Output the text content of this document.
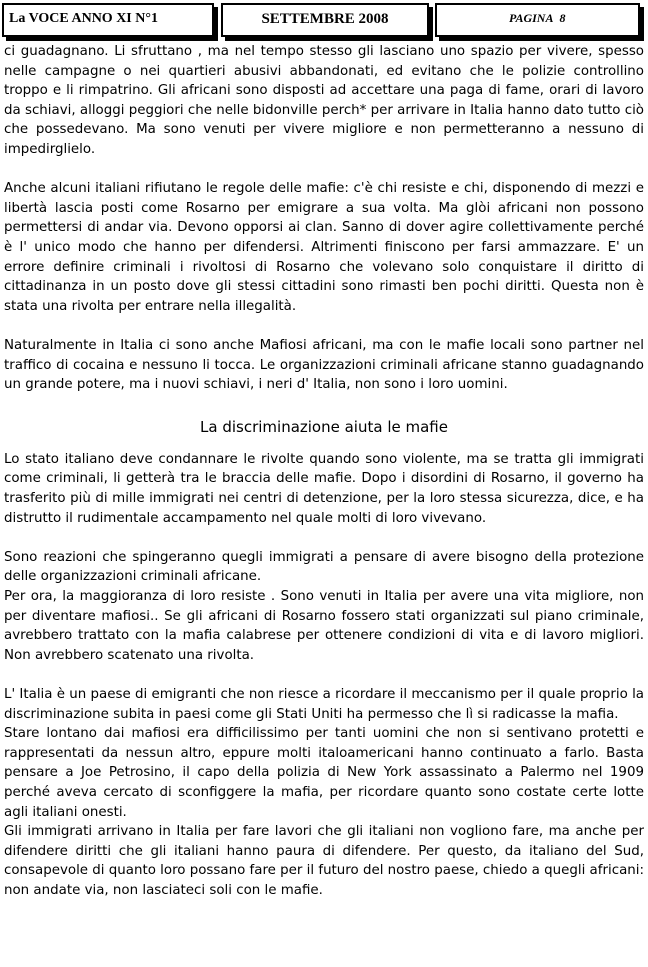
La VOCE ANNO XI N°1	SETTEMBRE 2008	PAGINA 8

ci guadagnano. Li sfruttano , ma nel tempo stesso gli lasciano uno spazio per vivere, spesso nelle campagne o nei quartieri abusivi abbandonati, ed evitano che le polizie controllino troppo e li rimpatrino. Gli africani sono disposti ad accettare una paga di fame, orari di lavoro da schiavi, alloggi peggiori che nelle bidonville perch* per arrivare in Italia hanno dato tutto ciò che possedevano. Ma sono venuti per vivere migliore e non permetteranno a nessuno di impedirglielo.

Anche alcuni italiani rifiutano le regole delle mafie: c'è chi resiste e chi, disponendo di mezzi e libertà lascia posti come Rosarno per emigrare a sua volta. Ma glòi africani non possono permettersi di andar via. Devono opporsi ai clan. Sanno di dover agire collettivamente perché è l' unico modo che hanno per difendersi. Altrimenti finiscono per farsi ammazzare. E' un errore definire criminali i rivoltosi di Rosarno che volevano solo conquistare il diritto di cittadinanza in un posto dove gli stessi cittadini sono rimasti ben pochi diritti. Questa non è stata una rivolta per entrare nella illegalità.

Naturalmente in Italia ci sono anche Mafiosi africani, ma con le mafie locali sono partner nel traffico di cocaina e nessuno li tocca. Le organizzazioni criminali africane stanno guadagnando un grande potere, ma i nuovi schiavi, i neri d' Italia, non sono i loro uomini.

La discriminazione aiuta le mafie

Lo stato italiano deve condannare le rivolte quando sono violente, ma se tratta gli immigrati come criminali, li getterà tra le braccia delle mafie. Dopo i disordini di Rosarno, il governo ha trasferito più di mille immigrati nei centri di detenzione, per la loro stessa sicurezza, dice, e ha distrutto il rudimentale accampamento nel quale molti di loro vivevano.

Sono reazioni che spingeranno quegli immigrati a pensare di avere bisogno della protezione delle organizzazioni criminali africane.

Per ora, la maggioranza di loro resiste . Sono venuti in Italia per avere una vita migliore, non per diventare mafiosi.. Se gli africani di Rosarno fossero stati organizzati sul piano criminale, avrebbero trattato con la mafia calabrese per ottenere condizioni di vita e di lavoro migliori. Non avrebbero scatenato una rivolta.

L' Italia è un paese di emigranti che non riesce a ricordare il meccanismo per il quale proprio la discriminazione subita in paesi come gli Stati Uniti ha permesso che lì si radicasse la mafia.

Stare lontano dai mafiosi era difficilissimo per tanti uomini che non si sentivano protetti e rappresentati da nessun altro, eppure molti italoamericani hanno continuato a farlo. Basta pensare a Joe Petrosino, il capo della polizia di New York assassinato a Palermo nel 1909 perché aveva cercato di sconfiggere la mafia, per ricordare quanto sono costate certe lotte agli italiani onesti.

Gli immigrati arrivano in Italia per fare lavori che gli italiani non vogliono fare, ma anche per difendere diritti che gli italiani hanno paura di difendere. Per questo, da italiano del Sud, consapevole di quanto loro possano fare per il futuro del nostro paese, chiedo a quegli africani: non andate via, non lasciateci soli con le mafie.
